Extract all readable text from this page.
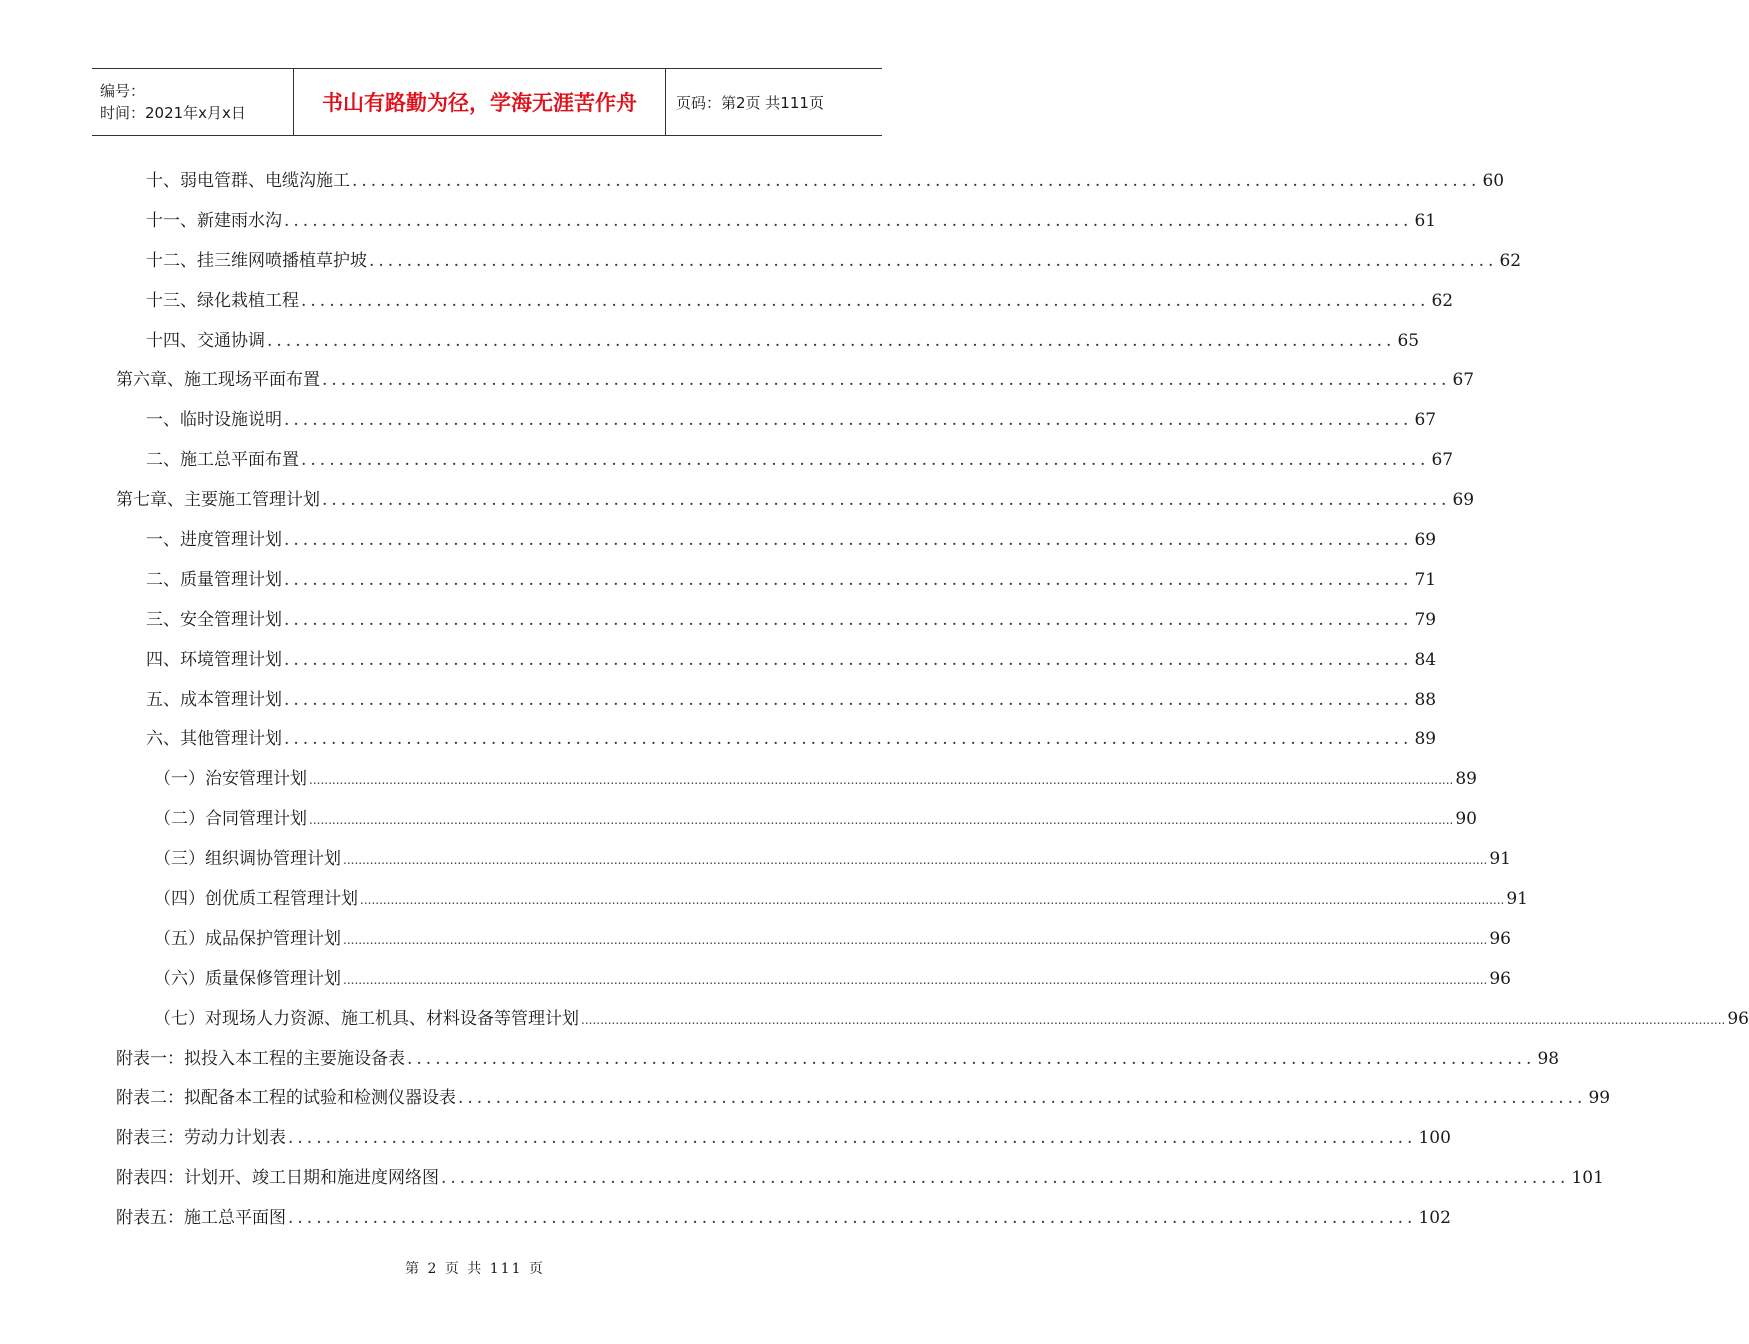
编号：
时间：2021年x月x日	书山有路勤为径，学海无涯苦作舟	页码：第2页 共111页
十、弱电管群、电缆沟施工 ........................................................................................................................ 60
十一、新建雨水沟 ........................................................................................................................ 61
十二、挂三维网喷播植草护坡 ........................................................................................................................ 62
十三、绿化栽植工程 ........................................................................................................................ 62
十四、交通协调 ........................................................................................................................ 65
第六章、施工现场平面布置 ........................................................................................................................ 67
一、临时设施说明 ........................................................................................................................ 67
二、施工总平面布置 ........................................................................................................................ 67
第七章、主要施工管理计划 ........................................................................................................................ 69
一、进度管理计划 ........................................................................................................................ 69
二、质量管理计划 ........................................................................................................................ 71
三、安全管理计划 ........................................................................................................................ 79
四、环境管理计划 ........................................................................................................................ 84
五、成本管理计划 ........................................................................................................................ 88
六、其他管理计划 ........................................................................................................................ 89
（一）治安管理计划 ............................................................................................................................................................................................................................................................................................................ 89
（二）合同管理计划 ............................................................................................................................................................................................................................................................................................................ 90
（三）组织调协管理计划 ............................................................................................................................................................................................................................................................................................................ 91
（四）创优质工程管理计划 ............................................................................................................................................................................................................................................................................................................ 91
（五）成品保护管理计划 ............................................................................................................................................................................................................................................................................................................ 96
（六）质量保修管理计划 ............................................................................................................................................................................................................................................................................................................ 96
（七）对现场人力资源、施工机具、材料设备等管理计划 ............................................................................................................................................................................................................................................................................................................ 96
附表一：拟投入本工程的主要施设备表 ........................................................................................................................ 98
附表二：拟配备本工程的试验和检测仪器设表 ........................................................................................................................ 99
附表三：劳动力计划表 ........................................................................................................................ 100
附表四：计划开、竣工日期和施进度网络图 ........................................................................................................................ 101
附表五：施工总平面图 ........................................................................................................................ 102
第 2 页 共 111 页
